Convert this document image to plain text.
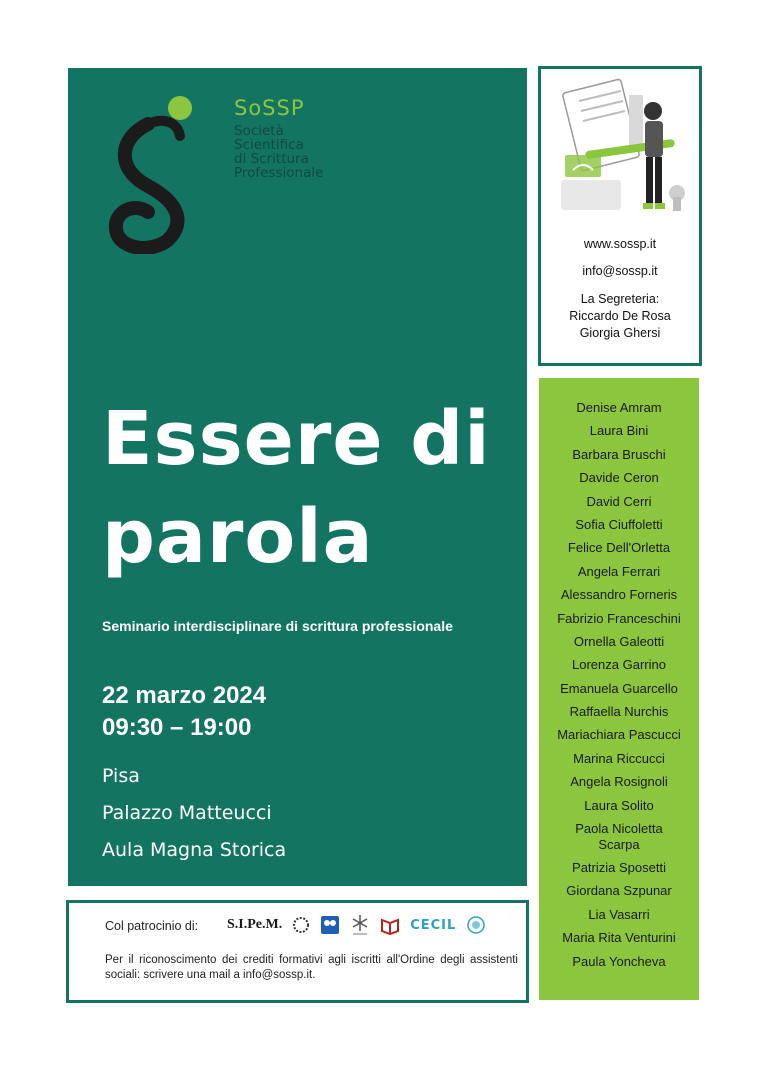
SoSSP
Società
Scientifica
di Scrittura
Professionale
Essere di
parola
Seminario interdisciplinare di scrittura professionale
22 marzo 2024
09:30 – 19:00
Pisa
Palazzo Matteucci
Aula Magna Storica
www.sossp.it
info@sossp.it
La Segreteria:
Riccardo De Rosa
Giorgia Ghersi
Denise Amram
Laura Bini
Barbara Bruschi
Davide Ceron
David Cerri
Sofia Ciuffoletti
Felice Dell'Orletta
Angela Ferrari
Alessandro Forneris
Fabrizio Franceschini
Ornella Galeotti
Lorenza Garrino
Emanuela Guarcello
Raffaella Nurchis
Mariachiara Pascucci
Marina Riccucci
Angela Rosignoli
Laura Solito
Paola Nicoletta Scarpa
Patrizia Sposetti
Giordana Szpunar
Lia Vasarri
Maria Rita Venturini
Paula Yoncheva
Col patrocinio di: S.I.Pe.M.	CECIL
Per il riconoscimento dei crediti formativi agli iscritti all'Ordine degli assistenti sociali: scrivere una mail a info@sossp.it.
